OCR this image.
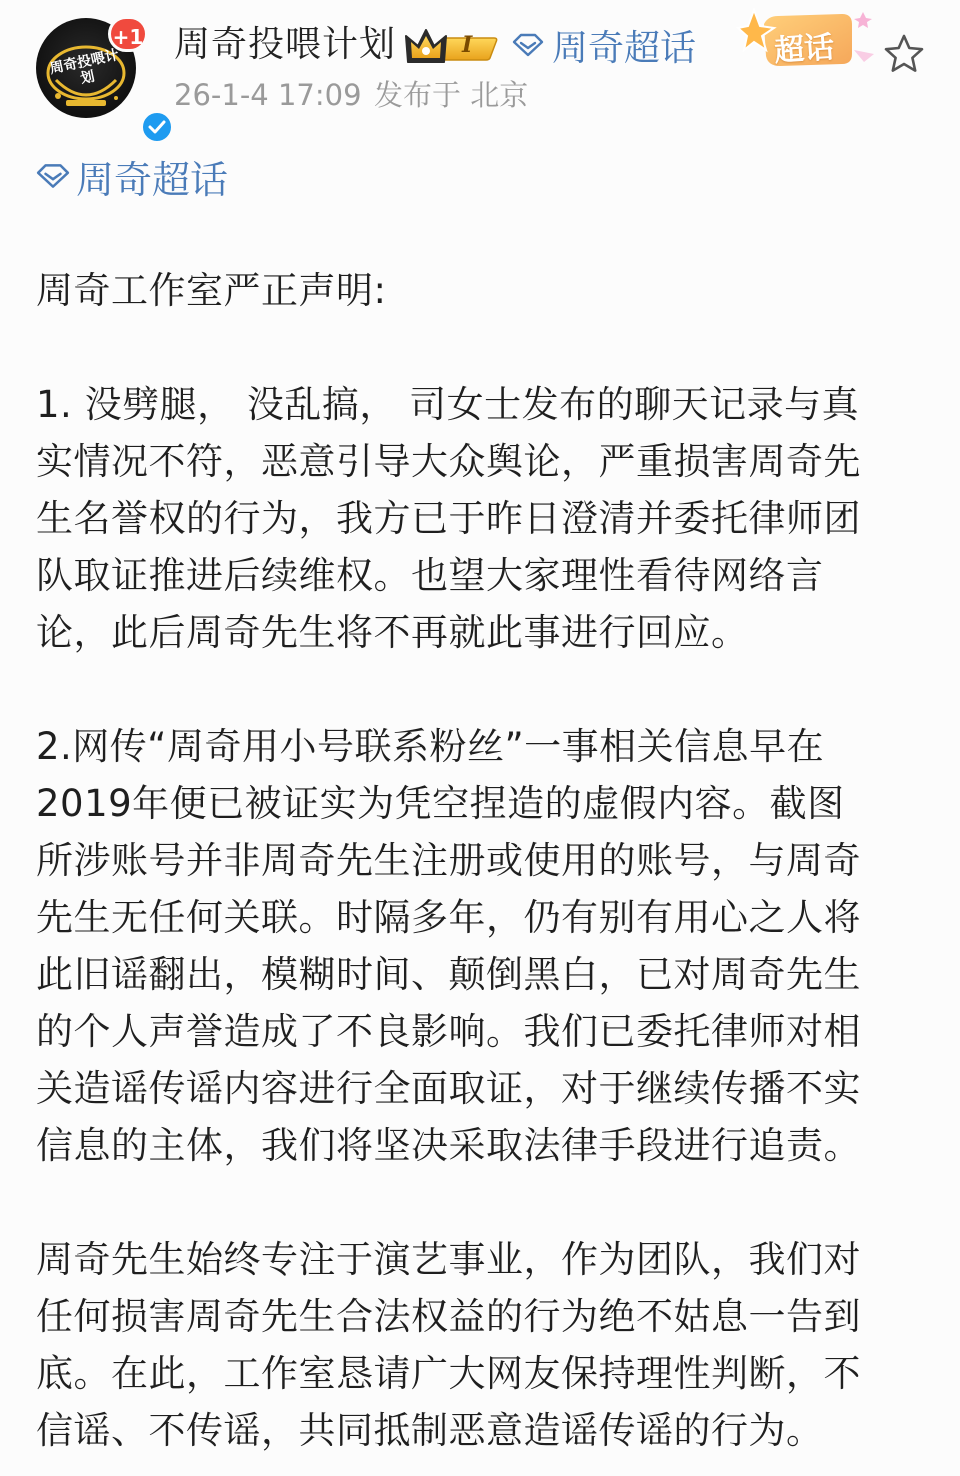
周奇投喂计划
+1 周奇投喂计划	I 周奇超话	超话
26-1-4 17:09 发布于 北京
周奇超话
周奇工作室严正声明:
1. 没劈腿， 没乱搞， 司女士发布的聊天记录与真
实情况不符，恶意引导大众舆论，严重损害周奇先
生名誉权的行为，我方已于昨日澄清并委托律师团
队取证推进后续维权。也望大家理性看待网络言
论，此后周奇先生将不再就此事进行回应。
2.网传“周奇用小号联系粉丝”一事相关信息早在
2019年便已被证实为凭空捏造的虚假内容。截图
所涉账号并非周奇先生注册或使用的账号，与周奇
先生无任何关联。时隔多年，仍有别有用心之人将
此旧谣翻出，模糊时间、颠倒黑白，已对周奇先生
的个人声誉造成了不良影响。我们已委托律师对相
关造谣传谣内容进行全面取证，对于继续传播不实
信息的主体，我们将坚决采取法律手段进行追责。
周奇先生始终专注于演艺事业，作为团队，我们对
任何损害周奇先生合法权益的行为绝不姑息一告到
底。在此，工作室恳请广大网友保持理性判断，不
信谣、不传谣，共同抵制恶意造谣传谣的行为。
